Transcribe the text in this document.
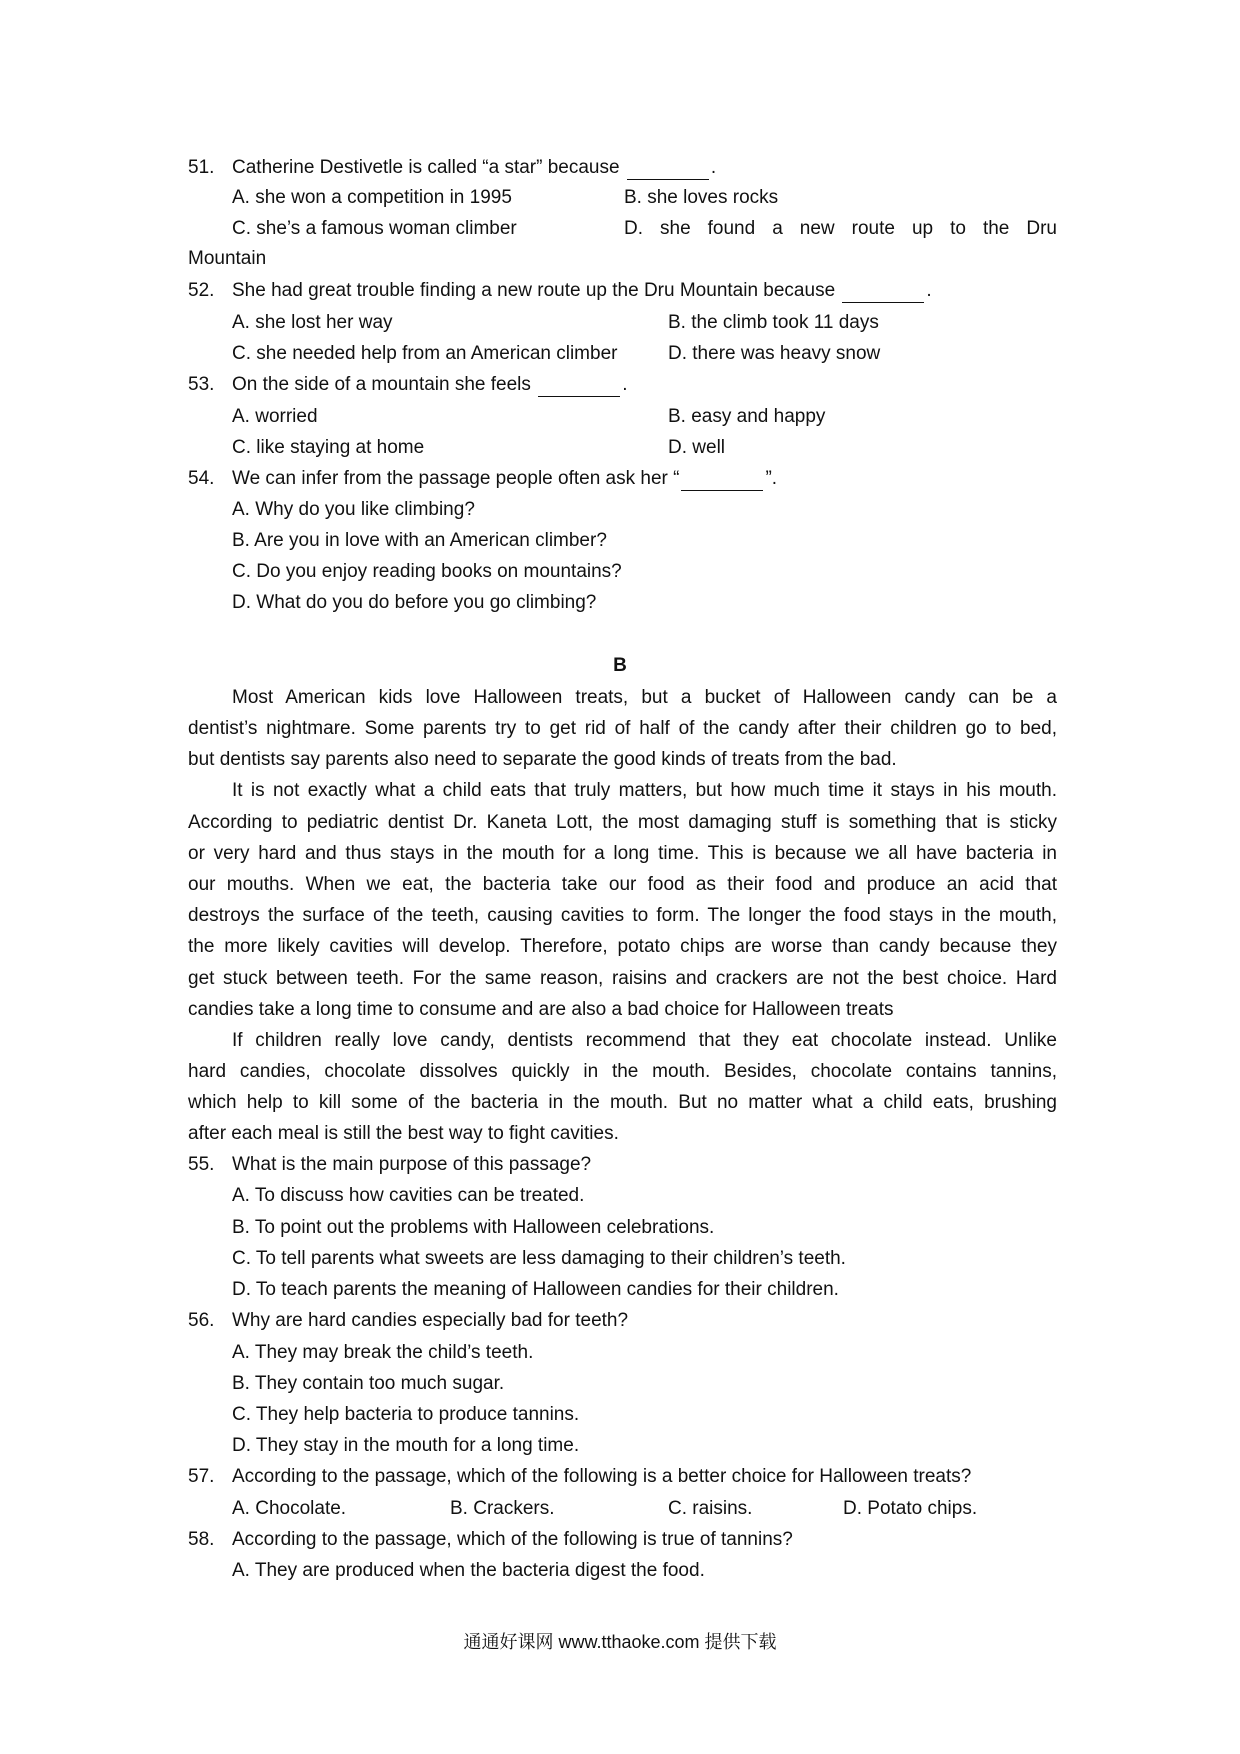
51. Catherine Destivetle is called “a star” because	.
A. she won a competition in 1995	B. she loves rocks
C. she’s a famous woman climber	D. she found a new route up to the Dru
Mountain
52. She had great trouble finding a new route up the Dru Mountain because	.
A. she lost her way	B. the climb took 11 days
C. she needed help from an American climber	D. there was heavy snow
53. On the side of a mountain she feels	.
A. worried	B. easy and happy
C. like staying at home	D. well
54. We can infer from the passage people often ask her “	”.
A. Why do you like climbing?
B. Are you in love with an American climber?
C. Do you enjoy reading books on mountains?
D. What do you do before you go climbing?
B
Most American kids love Halloween treats, but a bucket of Halloween candy can be a
dentist’s nightmare. Some parents try to get rid of half of the candy after their children go to bed,
but dentists say parents also need to separate the good kinds of treats from the bad.
It is not exactly what a child eats that truly matters, but how much time it stays in his mouth.
According to pediatric dentist Dr. Kaneta Lott, the most damaging stuff is something that is sticky
or very hard and thus stays in the mouth for a long time. This is because we all have bacteria in
our mouths. When we eat, the bacteria take our food as their food and produce an acid that
destroys the surface of the teeth, causing cavities to form. The longer the food stays in the mouth,
the more likely cavities will develop. Therefore, potato chips are worse than candy because they
get stuck between teeth. For the same reason, raisins and crackers are not the best choice. Hard
candies take a long time to consume and are also a bad choice for Halloween treats
If children really love candy, dentists recommend that they eat chocolate instead. Unlike
hard candies, chocolate dissolves quickly in the mouth. Besides, chocolate contains tannins,
which help to kill some of the bacteria in the mouth. But no matter what a child eats, brushing
after each meal is still the best way to fight cavities.
55. What is the main purpose of this passage?
A. To discuss how cavities can be treated.
B. To point out the problems with Halloween celebrations.
C. To tell parents what sweets are less damaging to their children’s teeth.
D. To teach parents the meaning of Halloween candies for their children.
56. Why are hard candies especially bad for teeth?
A. They may break the child’s teeth.
B. They contain too much sugar.
C. They help bacteria to produce tannins.
D. They stay in the mouth for a long time.
57. According to the passage, which of the following is a better choice for Halloween treats?
A. Chocolate.	B. Crackers.	C. raisins.	D. Potato chips.
58. According to the passage, which of the following is true of tannins?
A. They are produced when the bacteria digest the food.
通通好课网 www.tthaoke.com 提供下载
